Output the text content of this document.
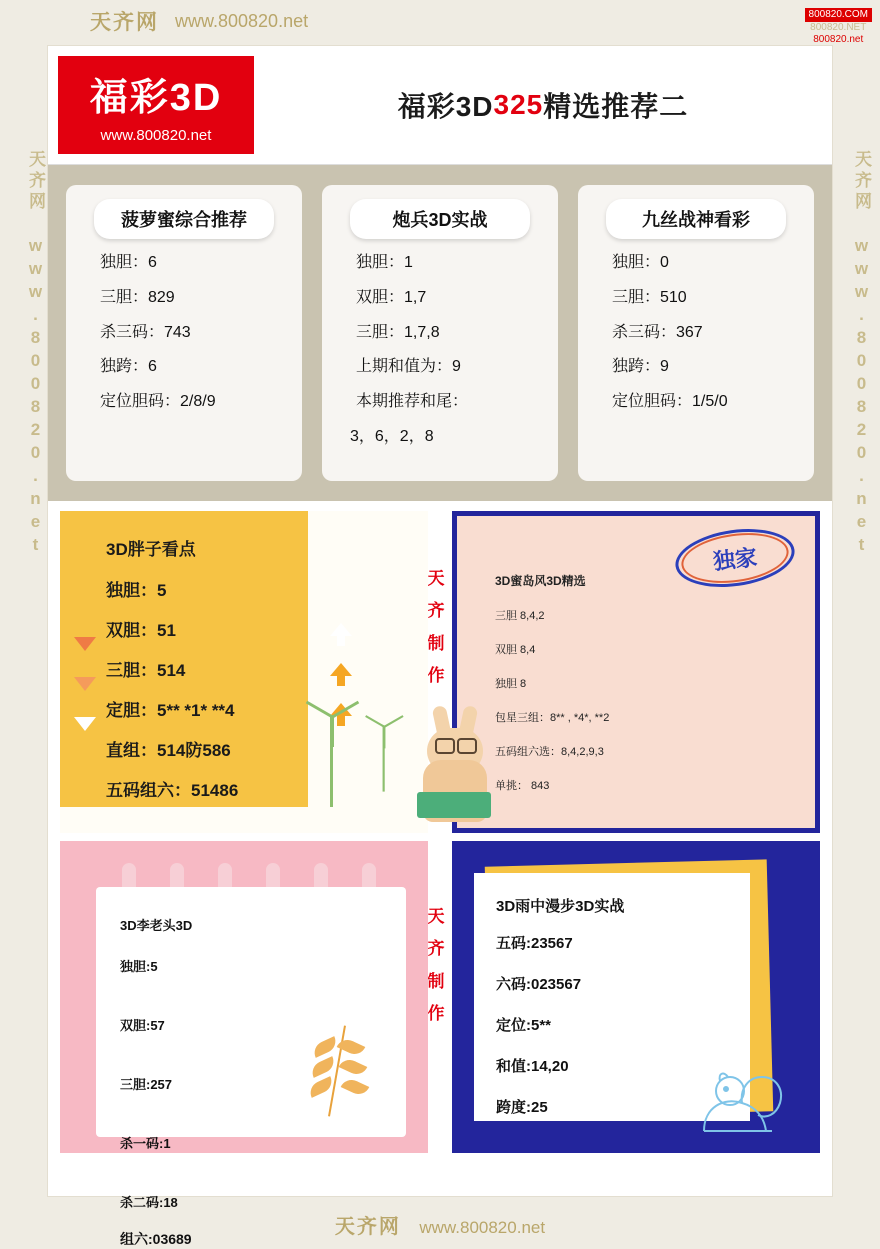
天齐网 www.800820.net	800820.COM
800820.NET
800820.net
天齐网 www.800820.net	天齐网 www.800820.net
福彩3D
www.800820.net
福彩3D 325 精选推荐二
菠萝蜜综合推荐
独胆：6
三胆：829
杀三码：743
独跨：6
定位胆码：2/8/9
炮兵3D实战
独胆：1
双胆：1,7
三胆：1,7,8
上期和值为：9
本期推荐和尾：
3，6，2，8
九丝战神看彩
独胆：0
三胆：510
杀三码：367
独跨：9
定位胆码：1/5/0
天
齐
制
作
天
齐
制
作
3D胖子看点
独胆：5
双胆：51
三胆：514
定胆：5** *1* **4
直组：514防586
五码组六：51486
独家
3D蜜岛风3D精选
三胆 8,4,2
双胆 8,4
独胆 8
包星三组：8** , *4*, **2
五码组六选：8,4,2,9,3
单挑： 843
3D李老头3D
独胆:5
双胆:57
三胆:257
杀一码:1
杀二码:18
3D雨中漫步3D实战
五码:23567
六码:023567
定位:5**
和值:14,20
跨度:25
天齐网 www.800820.net
组六:03689
